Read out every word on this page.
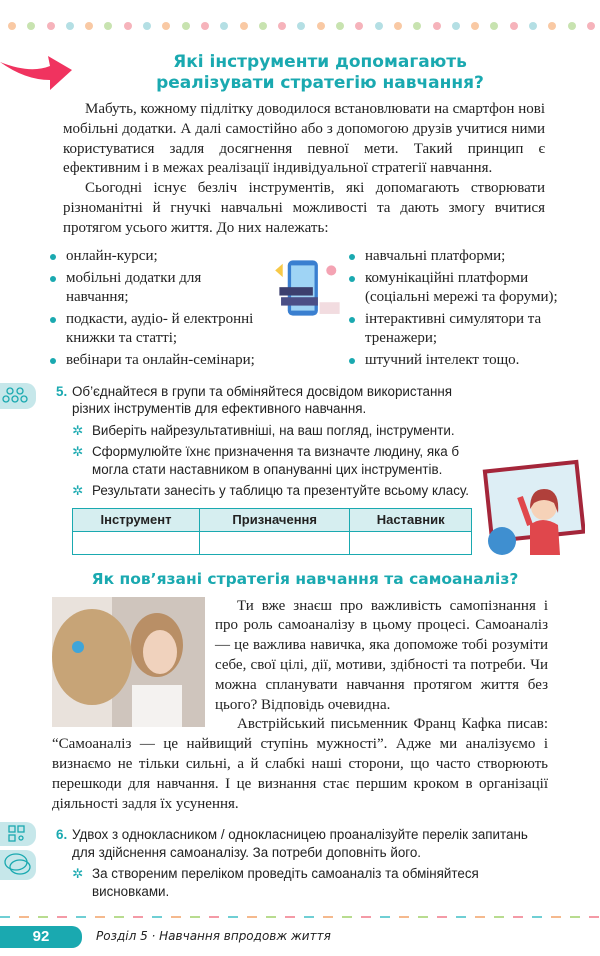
Які інструменти допомагають
реалізувати стратегію навчання?

Мабуть, кожному підлітку доводилося встановлювати на смартфон нові мобільні додатки. А далі самостійно або з допомогою друзів учитися ними користуватися задля досягнення певної мети. Такий принцип є ефективним і в межах реалізації індивідуальної стратегії навчання.

Сьогодні існує безліч інструментів, які допомагають створювати різноманітні й гнучкі навчальні можливості та дають змогу вчитися протягом усього життя. До них належать:

онлайн-курси;
мобільні додатки для навчання;
подкасти, аудіо- й електронні книжки та статті;
вебінари та онлайн-семінари;
навчальні платформи;
комунікаційні платформи (соціальні мережі та форуми);
інтерактивні симулятори та тренажери;
штучний інтелект тощо.
5. Об’єднайтеся в групи та обміняйтеся досвідом використання різних інструментів для ефективного навчання.
✲ Виберіть найрезультативніші, на ваш погляд, інструменти.
✲ Сформулюйте їхнє призначення та визначте людину, яка б могла стати наставником в опануванні цих інструментів.
✲ Результати занесіть у таблицю та презентуйте всьому класу.
Інструмент	Призначення	Наставник

Як пов’язані стратегія навчання та самоаналіз?

Ти вже знаєш про важливість самопізнання і про роль самоаналізу в цьому процесі. Самоаналіз — це важлива навичка, яка допоможе тобі розуміти себе, свої цілі, дії, мотиви, здібності та потреби. Чи можна спланувати навчання протягом життя без цього? Відповідь очевидна.

Австрійський письменник Франц Кафка писав: “Самоаналіз — це найвищий ступінь мужності”. Адже ми аналізуємо і визнаємо не тільки сильні, а й слабкі наші сторони, що часто створюють перешкоди для навчання. І це визнання стає першим кроком в організації діяльності задля їх усунення.

6. Удвох з однокласником / однокласницею проаналізуйте перелік запитань для здійснення самоаналізу. За потреби доповніть його.
✲ За створеним переліком проведіть самоаналіз та обміняйтеся висновками.
92	Розділ 5 · Навчання впродовж життя
